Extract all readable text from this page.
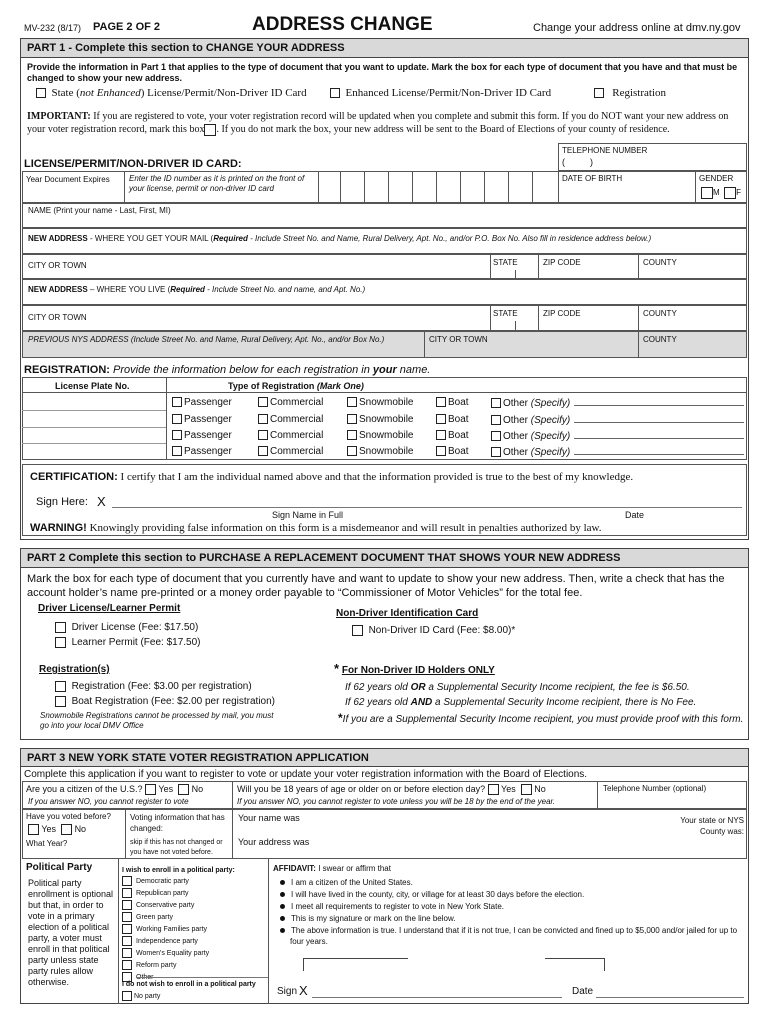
MV-232 (8/17) PAGE 2 OF 2	ADDRESS CHANGE	Change your address online at dmv.ny.gov
PART 1 - Complete this section to CHANGE YOUR ADDRESS
Provide the information in Part 1 that applies to the type of document that you want to update. Mark the box for each type of document that you have and that must be changed to show your new address.
State (not Enhanced) License/Permit/Non-Driver ID Card	Enhanced License/Permit/Non-Driver ID Card	Registration
IMPORTANT: If you are registered to vote, your voter registration record will be updated when you complete and submit this form. If you do NOT want your new address on your voter registration record, mark this box . If you do not mark the box, your new address will be sent to the Board of Elections of your county of residence.
TELEPHONE NUMBER
(          )
LICENSE/PERMIT/NON-DRIVER ID CARD:
Year Document Expires Enter the ID number as it is printed on the front of your license, permit or non-driver ID card
DATE OF BIRTH	GENDER
M F
NAME (Print your name - Last, First, MI)
NEW ADDRESS - WHERE YOU GET YOUR MAIL (Required - Include Street No. and Name, Rural Delivery, Apt. No., and/or P.O. Box No. Also fill in residence address below.)
CITY OR TOWN	STATE	ZIP CODE	COUNTY
NEW ADDRESS – WHERE YOU LIVE (Required - Include Street No. and name, and Apt. No.)
CITY OR TOWN	STATE	ZIP CODE	COUNTY
PREVIOUS NYS ADDRESS (Include Street No. and Name, Rural Delivery, Apt. No., and/or Box No.)	CITY OR TOWN	COUNTY
REGISTRATION: Provide the information below for each registration in your name.
License Plate No.	Type of Registration (Mark One)
Passenger	Commercial	Snowmobile	Boat	Other (Specify)
Passenger	Commercial	Snowmobile	Boat	Other (Specify)
Passenger	Commercial	Snowmobile	Boat	Other (Specify)
Passenger	Commercial	Snowmobile	Boat	Other (Specify)
CERTIFICATION: I certify that I am the individual named above and that the information provided is true to the best of my knowledge.
Sign Here: X
Sign Name in Full	Date
WARNING! Knowingly providing false information on this form is a misdemeanor and will result in penalties authorized by law.
PART 2 Complete this section to PURCHASE A REPLACEMENT DOCUMENT THAT SHOWS YOUR NEW ADDRESS
Mark the box for each type of document that you currently have and want to update to show your new address. Then, write a check that has the account holder’s name pre-printed or a money order payable to “Commissioner of Motor Vehicles” for the total fee.
Driver License/Learner Permit
Driver License (Fee: $17.50)
Learner Permit (Fee: $17.50)
Non-Driver Identification Card
Non-Driver ID Card (Fee: $8.00)*
Registration(s)
Registration (Fee: $3.00 per registration)
Boat Registration (Fee: $2.00 per registration)
Snowmobile Registrations cannot be processed by mail, you must go into your local DMV Office
* For Non-Driver ID Holders ONLY
If 62 years old OR a Supplemental Security Income recipient, the fee is $6.50.
If 62 years old AND a Supplemental Security Income recipient, there is No Fee.
*If you are a Supplemental Security Income recipient, you must provide proof with this form.
PART 3 NEW YORK STATE VOTER REGISTRATION APPLICATION
Complete this application if you want to register to vote or update your voter registration information with the Board of Elections.
Are you a citizen of the U.S.? Yes No
If you answer NO, you cannot register to vote
Will you be 18 years of age or older on or before election day? Yes No
If you answer NO, you cannot register to vote unless you will be 18 by the end of the year.
Telephone Number (optional)
Have you voted before?
Yes No
What Year?
Voting information that has changed:
skip if this has not changed or you have not voted before.
Your name was
Your address was
Your state or NYS County was:
Political Party
Political party enrollment is optional but that, in order to vote in a primary election of a political party, a voter must enroll in that political party unless state party rules allow otherwise.
I wish to enroll in a political party:
Democratic party
Republican party
Conservative party
Green party
Working Families party
Independence party
Women's Equality party
Reform party
Other
I do not wish to enroll in a political party
No party
AFFIDAVIT: I swear or affirm that
I am a citizen of the United States.
I will have lived in the county, city, or village for at least 30 days before the election.
I meet all requirements to register to vote in New York State.
This is my signature or mark on the line below.
The above information is true. I understand that if it is not true, I can be convicted and fined up to $5,000 and/or jailed for up to four years.
Sign X	Date
